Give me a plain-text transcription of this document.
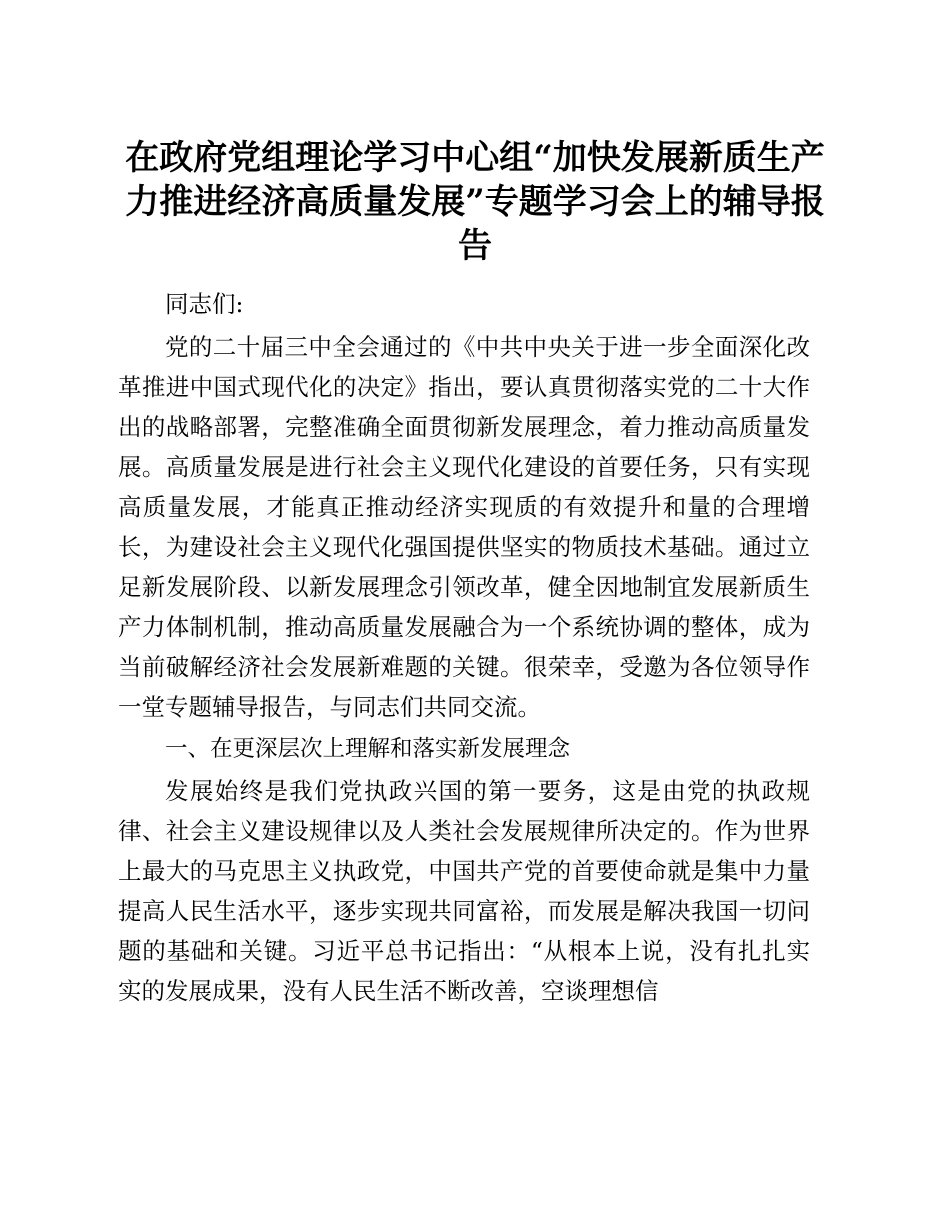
在政府党组理论学习中心组“加快发展新质生产力推进经济高质量发展”专题学习会上的辅导报告

同志们:

党的二十届三中全会通过的《中共中央关于进一步全面深化改革推进中国式现代化的决定》指出，要认真贯彻落实党的二十大作出的战略部署，完整准确全面贯彻新发展理念，着力推动高质量发展。高质量发展是进行社会主义现代化建设的首要任务，只有实现高质量发展，才能真正推动经济实现质的有效提升和量的合理增长，为建设社会主义现代化强国提供坚实的物质技术基础。通过立足新发展阶段、以新发展理念引领改革，健全因地制宜发展新质生产力体制机制，推动高质量发展融合为一个系统协调的整体，成为当前破解经济社会发展新难题的关键。很荣幸，受邀为各位领导作一堂专题辅导报告，与同志们共同交流。

一、在更深层次上理解和落实新发展理念

发展始终是我们党执政兴国的第一要务，这是由党的执政规律、社会主义建设规律以及人类社会发展规律所决定的。作为世界上最大的马克思主义执政党，中国共产党的首要使命就是集中力量提高人民生活水平，逐步实现共同富裕，而发展是解决我国一切问题的基础和关键。习近平总书记指出：“从根本上说，没有扎扎实实的发展成果，没有人民生活不断改善，空谈理想信
